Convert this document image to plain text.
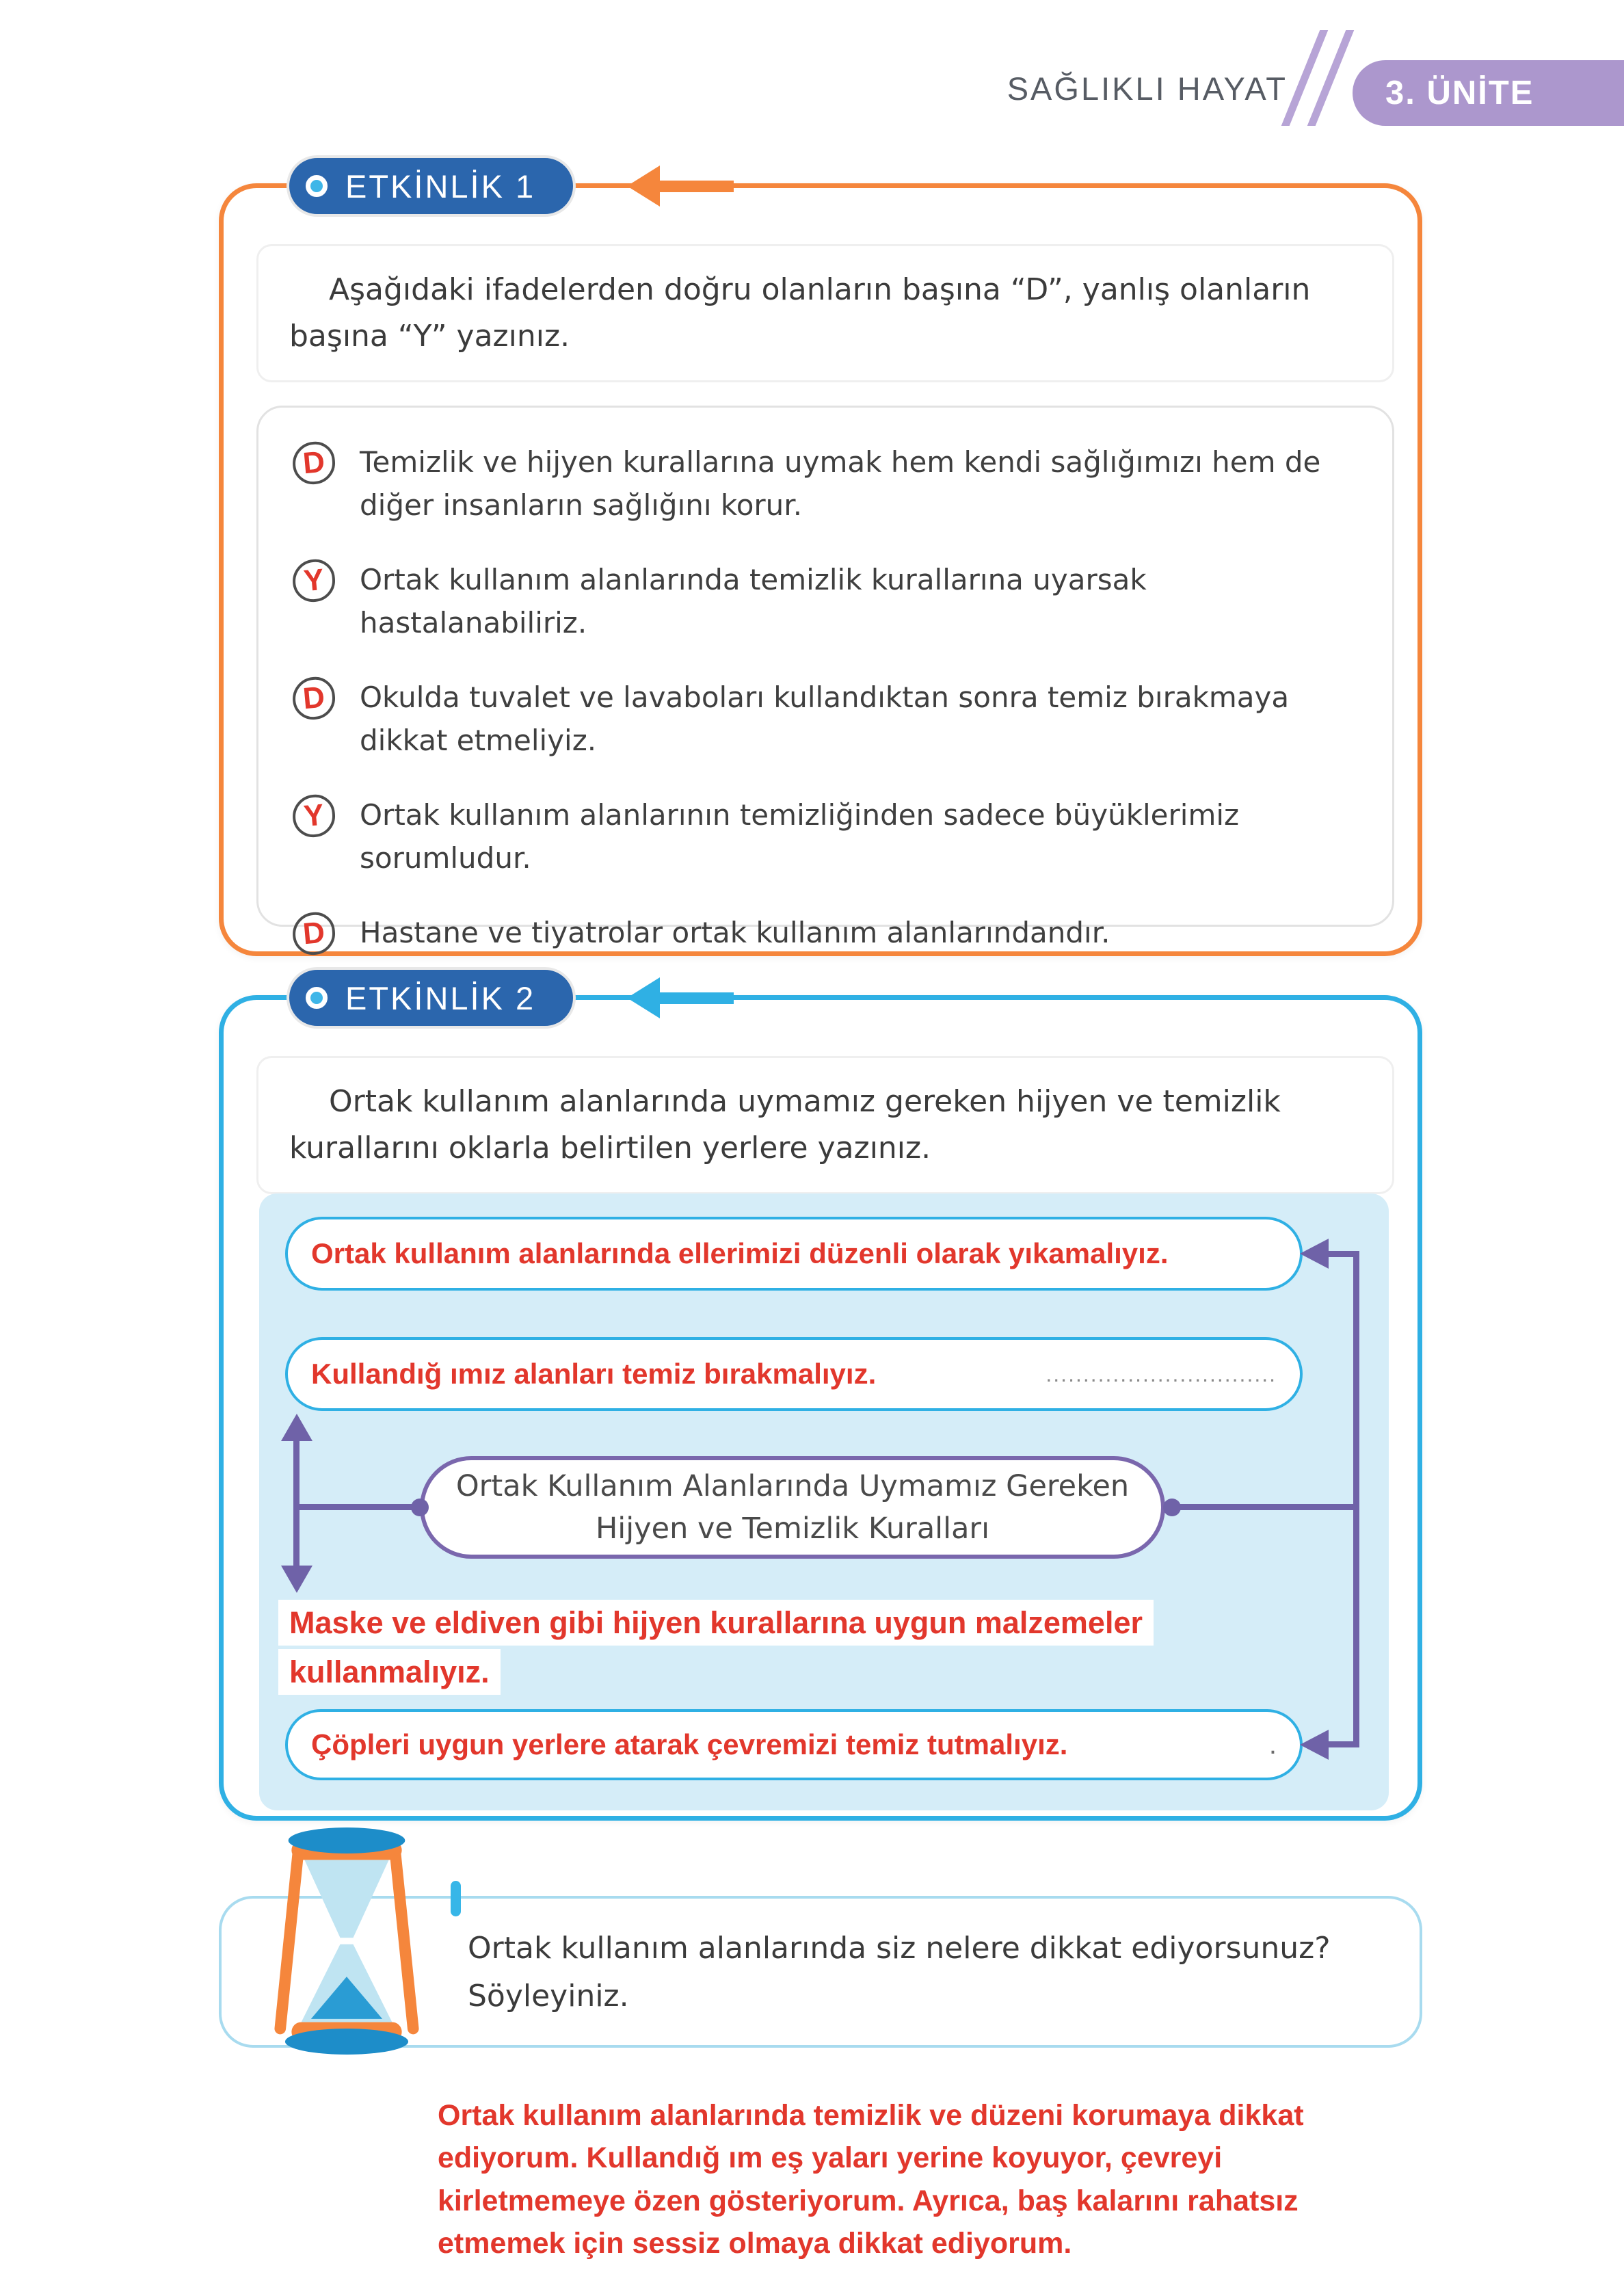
SAĞLIKLI HAYAT	3. ÜNİTE
ETKİNLİK 1
Aşağıdaki ifadelerden doğru olanların başına “D”, yanlış olanların başına “Y” yazınız.
D	Temizlik ve hijyen kurallarına uymak hem kendi sağlığımızı hem de diğer insanların sağlığını korur.
Y	Ortak kullanım alanlarında temizlik kurallarına uyarsak hastalanabiliriz.
D	Okulda tuvalet ve lavaboları kullandıktan sonra temiz bırakmaya dikkat etmeliyiz.
Y	Ortak kullanım alanlarının temizliğinden sadece büyüklerimiz sorumludur.
D	Hastane ve tiyatrolar ortak kullanım alanlarındandır.
ETKİNLİK 2
Ortak kullanım alanlarında uymamız gereken hijyen ve temizlik kurallarını oklarla belirtilen yerlere yazınız.
Ortak kullanım alanlarında ellerimizi düzenli olarak yıkamalıyız.
Kullandığ ımız alanları temiz bırakmalıyız.	...............................
Ortak Kullanım Alanlarında Uymamız Gereken
Hijyen ve Temizlik Kuralları
Maske ve eldiven gibi hijyen kurallarına uygun malzemeler kullanmalıyız.
Çöpleri uygun yerlere atarak çevremizi temiz tutmalıyız.	.
Ortak kullanım alanlarında siz nelere dikkat ediyorsunuz? Söyleyiniz.
Ortak kullanım alanlarında temizlik ve düzeni korumaya dikkat ediyorum. Kullandığ ım eş yaları yerine koyuyor, çevreyi kirletmemeye özen gösteriyorum. Ayrıca, baş kalarını rahatsız etmemek için sessiz olmaya dikkat ediyorum.
